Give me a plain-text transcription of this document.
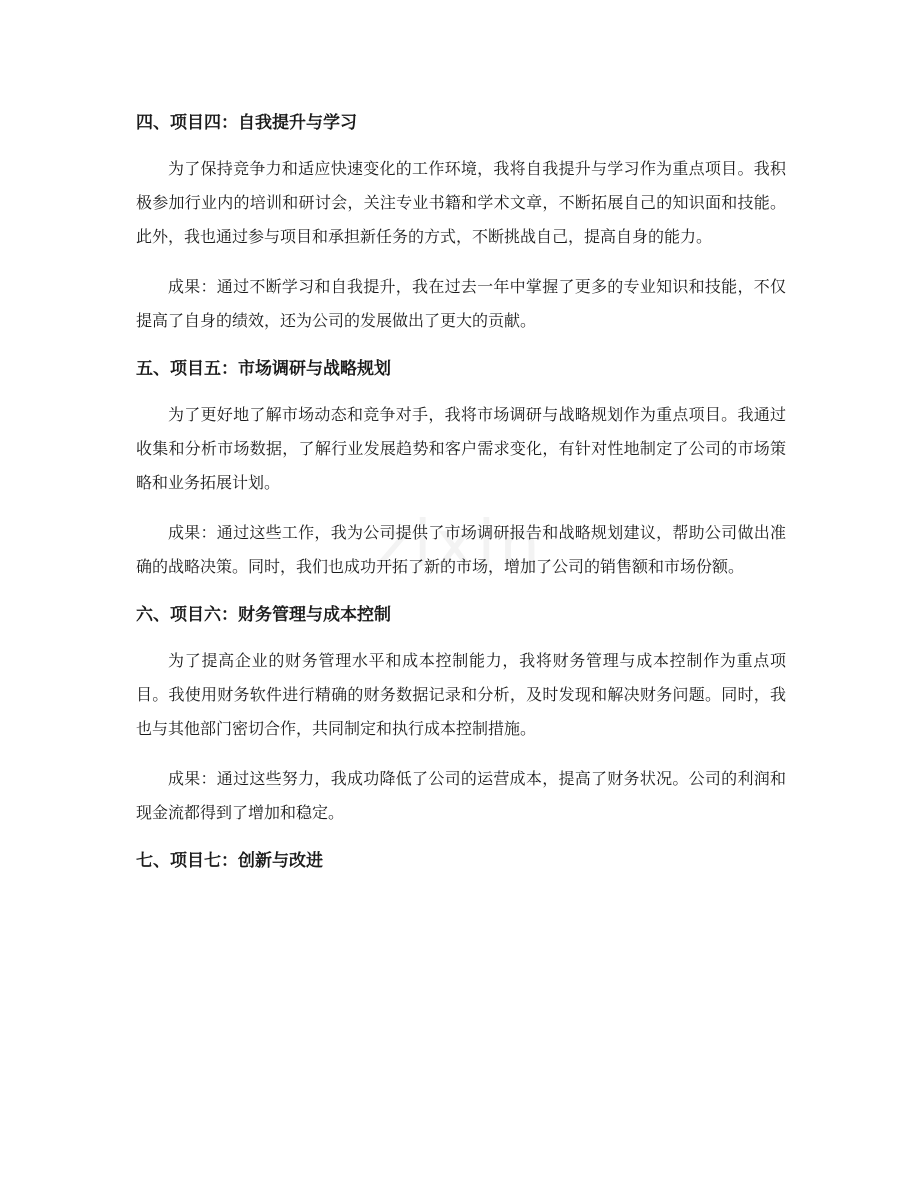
zixin
四、项目四：自我提升与学习

为了保持竞争力和适应快速变化的工作环境，我将自我提升与学习作为重点项目。我积极参加行业内的培训和研讨会，关注专业书籍和学术文章，不断拓展自己的知识面和技能。此外，我也通过参与项目和承担新任务的方式，不断挑战自己，提高自身的能力。

成果：通过不断学习和自我提升，我在过去一年中掌握了更多的专业知识和技能，不仅提高了自身的绩效，还为公司的发展做出了更大的贡献。

五、项目五：市场调研与战略规划

为了更好地了解市场动态和竞争对手，我将市场调研与战略规划作为重点项目。我通过收集和分析市场数据，了解行业发展趋势和客户需求变化，有针对性地制定了公司的市场策略和业务拓展计划。

成果：通过这些工作，我为公司提供了市场调研报告和战略规划建议，帮助公司做出准确的战略决策。同时，我们也成功开拓了新的市场，增加了公司的销售额和市场份额。

六、项目六：财务管理与成本控制

为了提高企业的财务管理水平和成本控制能力，我将财务管理与成本控制作为重点项目。我使用财务软件进行精确的财务数据记录和分析，及时发现和解决财务问题。同时，我也与其他部门密切合作，共同制定和执行成本控制措施。

成果：通过这些努力，我成功降低了公司的运营成本，提高了财务状况。公司的利润和现金流都得到了增加和稳定。

七、项目七：创新与改进
